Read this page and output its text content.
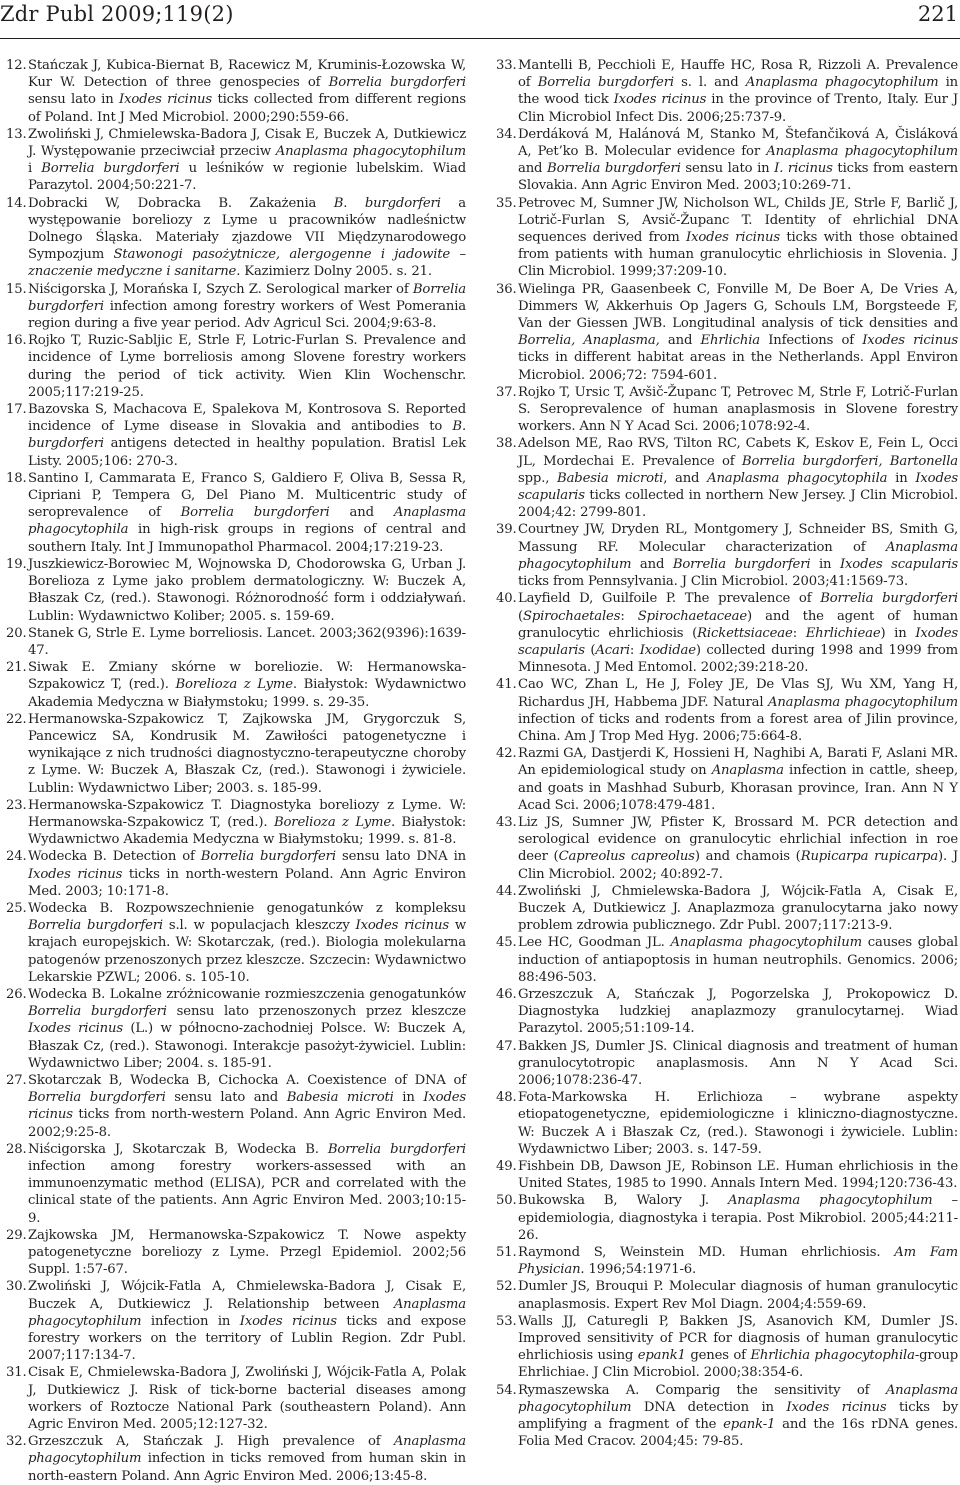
Zdr Publ 2009;119(2)	221
12. Stańczak J, Kubica-Biernat B, Racewicz M, Kruminis-Łozowska W, Kur W. Detection of three genospecies of Borrelia burgdorferi sensu lato in Ixodes ricinus ticks collected from different regions of Poland. Int J Med Microbiol. 2000;290:559-66.
13. Zwoliński J, Chmielewska-Badora J, Cisak E, Buczek A, Dutkiewicz J. Występowanie przeciwciał przeciw Anaplasma phagocytophilum i Borrelia burgdorferi u leśników w regionie lubelskim. Wiad Parazytol. 2004;50:221-7.
14. Dobracki W, Dobracka B. Zakażenia B. burgdorferi a występowanie boreliozy z Lyme u pracowników nadleśnictw Dolnego Śląska. Materiały zjazdowe VII Międzynarodowego Sympozjum Stawonogi pasożytnicze, alergogenne i jadowite – znaczenie medyczne i sanitarne. Kazimierz Dolny 2005. s. 21.
15. Niścigorska J, Morańska I, Szych Z. Serological marker of Borrelia burgdorferi infection among forestry workers of West Pomerania region during a five year period. Adv Agricul Sci. 2004;9:63-8.
16. Rojko T, Ruzic-Sabljic E, Strle F, Lotric-Furlan S. Prevalence and incidence of Lyme borreliosis among Slovene forestry workers during the period of tick activity. Wien Klin Wochenschr. 2005;117:219-25.
17. Bazovska S, Machacova E, Spalekova M, Kontrosova S. Reported incidence of Lyme disease in Slovakia and antibodies to B. burgdorferi antigens detected in healthy population. Bratisl Lek Listy. 2005;106: 270-3.
18. Santino I, Cammarata E, Franco S, Galdiero F, Oliva B, Sessa R, Cipriani P, Tempera G, Del Piano M. Multicentric study of seroprevalence of Borrelia burgdorferi and Anaplasma phagocytophila in high-risk groups in regions of central and southern Italy. Int J Immunopathol Pharmacol. 2004;17:219-23.
19. Juszkiewicz-Borowiec M, Wojnowska D, Chodorowska G, Urban J. Borelioza z Lyme jako problem dermatologiczny. W: Buczek A, Błaszak Cz, (red.). Stawonogi. Różnorodność form i oddziaływań. Lublin: Wydawnictwo Koliber; 2005. s. 159-69.
20. Stanek G, Strle E. Lyme borreliosis. Lancet. 2003;362(9396):1639-47.
21. Siwak E. Zmiany skórne w boreliozie. W: Hermanowska-Szpakowicz T, (red.). Borelioza z Lyme. Białystok: Wydawnictwo Akademia Medyczna w Białymstoku; 1999. s. 29-35.
22. Hermanowska-Szpakowicz T, Zajkowska JM, Grygorczuk S, Pancewicz SA, Kondrusik M. Zawiłości patogenetyczne i wynikające z nich trudności diagnostyczno-terapeutyczne choroby z Lyme. W: Buczek A, Błaszak Cz, (red.). Stawonogi i żywiciele. Lublin: Wydawnictwo Liber; 2003. s. 185-99.
23. Hermanowska-Szpakowicz T. Diagnostyka boreliozy z Lyme. W: Hermanowska-Szpakowicz T, (red.). Borelioza z Lyme. Białystok: Wydawnictwo Akademia Medyczna w Białymstoku; 1999. s. 81-8.
24. Wodecka B. Detection of Borrelia burgdorferi sensu lato DNA in Ixodes ricinus ticks in north-western Poland. Ann Agric Environ Med. 2003; 10:171-8.
25. Wodecka B. Rozpowszechnienie genogatunków z kompleksu Borrelia burgdorferi s.l. w populacjach kleszczy Ixodes ricinus w krajach europejskich. W: Skotarczak, (red.). Biologia molekularna patogenów przenoszonych przez kleszcze. Szczecin: Wydawnictwo Lekarskie PZWL; 2006. s. 105-10.
26. Wodecka B. Lokalne zróżnicowanie rozmieszczenia genogatunków Borrelia burgdorferi sensu lato przenoszonych przez kleszcze Ixodes ricinus (L.) w północno-zachodniej Polsce. W: Buczek A, Błaszak Cz, (red.). Stawonogi. Interakcje pasożyt-żywiciel. Lublin: Wydawnictwo Liber; 2004. s. 185-91.
27. Skotarczak B, Wodecka B, Cichocka A. Coexistence of DNA of Borrelia burgdorferi sensu lato and Babesia microti in Ixodes ricinus ticks from north-western Poland. Ann Agric Environ Med. 2002;9:25-8.
28. Niścigorska J, Skotarczak B, Wodecka B. Borrelia burgdorferi infection among forestry workers-assessed with an immunoenzymatic method (ELISA), PCR and correlated with the clinical state of the patients. Ann Agric Environ Med. 2003;10:15-9.
29. Zajkowska JM, Hermanowska-Szpakowicz T. Nowe aspekty patogenetyczne boreliozy z Lyme. Przegl Epidemiol. 2002;56 Suppl. 1:57-67.
30. Zwoliński J, Wójcik-Fatla A, Chmielewska-Badora J, Cisak E, Buczek A, Dutkiewicz J. Relationship between Anaplasma phagocytophilum infection in Ixodes ricinus ticks and expose forestry workers on the territory of Lublin Region. Zdr Publ. 2007;117:134-7.
31. Cisak E, Chmielewska-Badora J, Zwoliński J, Wójcik-Fatla A, Polak J, Dutkiewicz J. Risk of tick-borne bacterial diseases among workers of Roztocze National Park (southeastern Poland). Ann Agric Environ Med. 2005;12:127-32.
32. Grzeszczuk A, Stańczak J. High prevalence of Anaplasma phagocytophilum infection in ticks removed from human skin in north-eastern Poland. Ann Agric Environ Med. 2006;13:45-8.
33. Mantelli B, Pecchioli E, Hauffe HC, Rosa R, Rizzoli A. Prevalence of Borrelia burgdorferi s. l. and Anaplasma phagocytophilum in the wood tick Ixodes ricinus in the province of Trento, Italy. Eur J Clin Microbiol Infect Dis. 2006;25:737-9.
34. Derdáková M, Halánová M, Stanko M, Štefančiková A, Čisláková A, Pet’ko B. Molecular evidence for Anaplasma phagocytophilum and Borrelia burgdorferi sensu lato in I. ricinus ticks from eastern Slovakia. Ann Agric Environ Med. 2003;10:269-71.
35. Petrovec M, Sumner JW, Nicholson WL, Childs JE, Strle F, Barlič J, Lotrič-Furlan S, Avsič-Županc T. Identity of ehrlichial DNA sequences derived from Ixodes ricinus ticks with those obtained from patients with human granulocytic ehrlichiosis in Slovenia. J Clin Microbiol. 1999;37:209-10.
36. Wielinga PR, Gaasenbeek C, Fonville M, De Boer A, De Vries A, Dimmers W, Akkerhuis Op Jagers G, Schouls LM, Borgsteede F, Van der Giessen JWB. Longitudinal analysis of tick densities and Borrelia, Anaplasma, and Ehrlichia Infections of Ixodes ricinus ticks in different habitat areas in the Netherlands. Appl Environ Microbiol. 2006;72: 7594-601.
37. Rojko T, Ursic T, Avšič-Županc T, Petrovec M, Strle F, Lotrič-Furlan S. Seroprevalence of human anaplasmosis in Slovene forestry workers. Ann N Y Acad Sci. 2006;1078:92-4.
38. Adelson ME, Rao RVS, Tilton RC, Cabets K, Eskov E, Fein L, Occi JL, Mordechai E. Prevalence of Borrelia burgdorferi, Bartonella spp., Babesia microti, and Anaplasma phagocytophila in Ixodes scapularis ticks collected in northern New Jersey. J Clin Microbiol. 2004;42: 2799-801.
39. Courtney JW, Dryden RL, Montgomery J, Schneider BS, Smith G, Massung RF. Molecular characterization of Anaplasma phagocytophilum and Borrelia burgdorferi in Ixodes scapularis ticks from Pennsylvania. J Clin Microbiol. 2003;41:1569-73.
40. Layfield D, Guilfoile P. The prevalence of Borrelia burgdorferi (Spirochaetales: Spirochaetaceae) and the agent of human granulocytic ehrlichiosis (Rickettsiaceae: Ehrlichieae) in Ixodes scapularis (Acari: Ixodidae) collected during 1998 and 1999 from Minnesota. J Med Entomol. 2002;39:218-20.
41. Cao WC, Zhan L, He J, Foley JE, De Vlas SJ, Wu XM, Yang H, Richardus JH, Habbema JDF. Natural Anaplasma phagocytophilum infection of ticks and rodents from a forest area of Jilin province, China. Am J Trop Med Hyg. 2006;75:664-8.
42. Razmi GA, Dastjerdi K, Hossieni H, Naghibi A, Barati F, Aslani MR. An epidemiological study on Anaplasma infection in cattle, sheep, and goats in Mashhad Suburb, Khorasan province, Iran. Ann N Y Acad Sci. 2006;1078:479-481.
43. Liz JS, Sumner JW, Pfister K, Brossard M. PCR detection and serological evidence on granulocytic ehrlichial infection in roe deer (Capreolus capreolus) and chamois (Rupicarpa rupicarpa). J Clin Microbiol. 2002; 40:892-7.
44. Zwoliński J, Chmielewska-Badora J, Wójcik-Fatla A, Cisak E, Buczek A, Dutkiewicz J. Anaplazmoza granulocytarna jako nowy problem zdrowia publicznego. Zdr Publ. 2007;117:213-9.
45. Lee HC, Goodman JL. Anaplasma phagocytophilum causes global induction of antiapoptosis in human neutrophils. Genomics. 2006; 88:496-503.
46. Grzeszczuk A, Stańczak J, Pogorzelska J, Prokopowicz D. Diagnostyka ludzkiej anaplazmozy granulocytarnej. Wiad Parazytol. 2005;51:109-14.
47. Bakken JS, Dumler JS. Clinical diagnosis and treatment of human granulocytotropic anaplasmosis. Ann N Y Acad Sci. 2006;1078:236-47.
48. Fota-Markowska H. Erlichioza – wybrane aspekty etiopatogenetyczne, epidemiologiczne i kliniczno-diagnostyczne. W: Buczek A i Błaszak Cz, (red.). Stawonogi i żywiciele. Lublin: Wydawnictwo Liber; 2003. s. 147-59.
49. Fishbein DB, Dawson JE, Robinson LE. Human ehrlichiosis in the United States, 1985 to 1990. Annals Intern Med. 1994;120:736-43.
50. Bukowska B, Walory J. Anaplasma phagocytophilum – epidemiologia, diagnostyka i terapia. Post Mikrobiol. 2005;44:211-26.
51. Raymond S, Weinstein MD. Human ehrlichiosis. Am Fam Physician. 1996;54:1971-6.
52. Dumler JS, Brouqui P. Molecular diagnosis of human granulocytic anaplasmosis. Expert Rev Mol Diagn. 2004;4:559-69.
53. Walls JJ, Caturegli P, Bakken JS, Asanovich KM, Dumler JS. Improved sensitivity of PCR for diagnosis of human granulocytic ehrlichiosis using epank1 genes of Ehrlichia phagocytophila-group Ehrlichiae. J Clin Microbiol. 2000;38:354-6.
54. Rymaszewska A. Comparig the sensitivity of Anaplasma phagocytophilum DNA detection in Ixodes ricinus ticks by amplifying a fragment of the epank-1 and the 16s rDNA genes. Folia Med Cracov. 2004;45: 79-85.
